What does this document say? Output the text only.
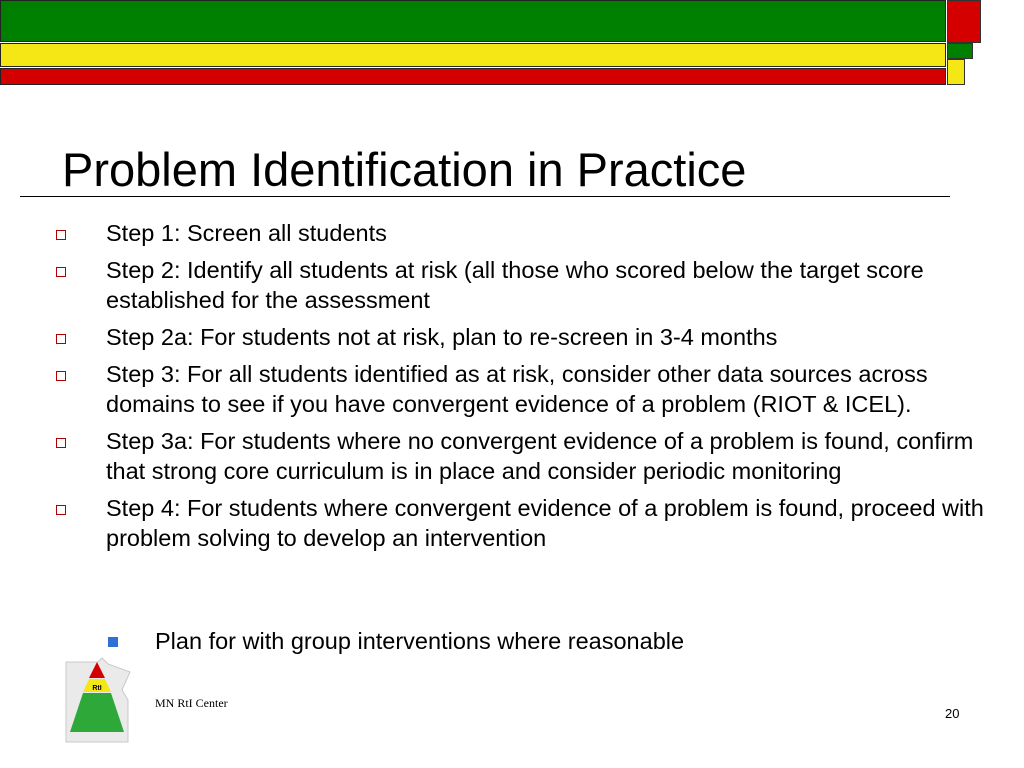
Problem Identification in Practice
Step 1: Screen all students
Step 2: Identify all students at risk (all those who scored below the target score established for the assessment
Step 2a: For students not at risk, plan to re-screen in 3-4 months
Step 3: For all students identified as at risk, consider other data sources across domains to see if you have convergent evidence of a problem (RIOT & ICEL).
Step 3a: For students where no convergent evidence of a problem is found, confirm that strong core curriculum is in place and consider periodic monitoring
Step 4: For students where convergent evidence of a problem is found, proceed with problem solving to develop an intervention
Plan for with group interventions where reasonable
RtI
MN RtI Center
20
